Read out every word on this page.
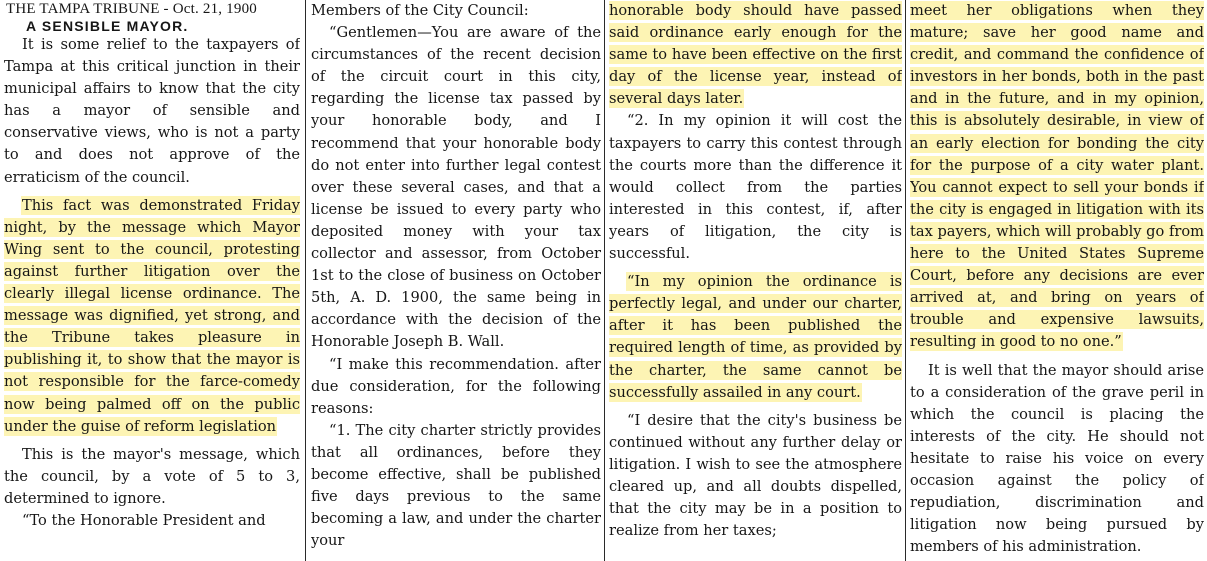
THE TAMPA TRIBUNE - Oct. 21, 1900
A SENSIBLE MAYOR.

It is some relief to the taxpayers of Tampa at this critical junction in their municipal affairs to know that the city has a mayor of sensible and conservative views, who is not a party to and does not approve of the erraticism of the council.

This fact was demonstrated Friday night, by the message which Mayor Wing sent to the council, protesting against further litigation over the clearly illegal license ordinance. The message was dignified, yet strong, and the Tribune takes pleasure in publishing it, to show that the mayor is not responsible for the farce-comedy now being palmed off on the public under the guise of reform legislation

This is the mayor's message, which the council, by a vote of 5 to 3, determined to ignore.

“To the Honorable President and

Members of the City Council:

“Gentlemen—You are aware of the circumstances of the recent decision of the circuit court in this city, regarding the license tax passed by your honorable body, and I recommend that your honorable body do not enter into further legal contest over these several cases, and that a license be issued to every party who deposited money with your tax collector and assessor, from October 1st to the close of business on October 5th, A. D. 1900, the same being in accordance with the decision of the Honorable Joseph B. Wall.

“I make this recommendation. after due consideration, for the following reasons:

“1. The city charter strictly provides that all ordinances, before they become effective, shall be published five days previous to the same becoming a law, and under the charter your

honorable body should have passed said ordinance early enough for the same to have been effective on the first day of the license year, instead of several days later.

“2. In my opinion it will cost the taxpayers to carry this contest through the courts more than the difference it would collect from the parties interested in this contest, if, after years of litigation, the city is successful.

“In my opinion the ordinance is perfectly legal, and under our charter, after it has been published the required length of time, as provided by the charter, the same cannot be successfully assailed in any court.

“I desire that the city's business be continued without any further delay or litigation. I wish to see the atmosphere cleared up, and all doubts dispelled, that the city may be in a position to realize from her taxes;

meet her obligations when they mature; save her good name and credit, and command the confidence of investors in her bonds, both in the past and in the future, and in my opinion, this is absolutely desirable, in view of an early election for bonding the city for the purpose of a city water plant. You cannot expect to sell your bonds if the city is engaged in litigation with its tax payers, which will probably go from here to the United States Supreme Court, before any decisions are ever arrived at, and bring on years of trouble and expensive lawsuits, resulting in good to no one.”

It is well that the mayor should arise to a consideration of the grave peril in which the council is placing the interests of the city. He should not hesitate to raise his voice on every occasion against the policy of repudiation, discrimination and litigation now being pursued by members of his administration.
